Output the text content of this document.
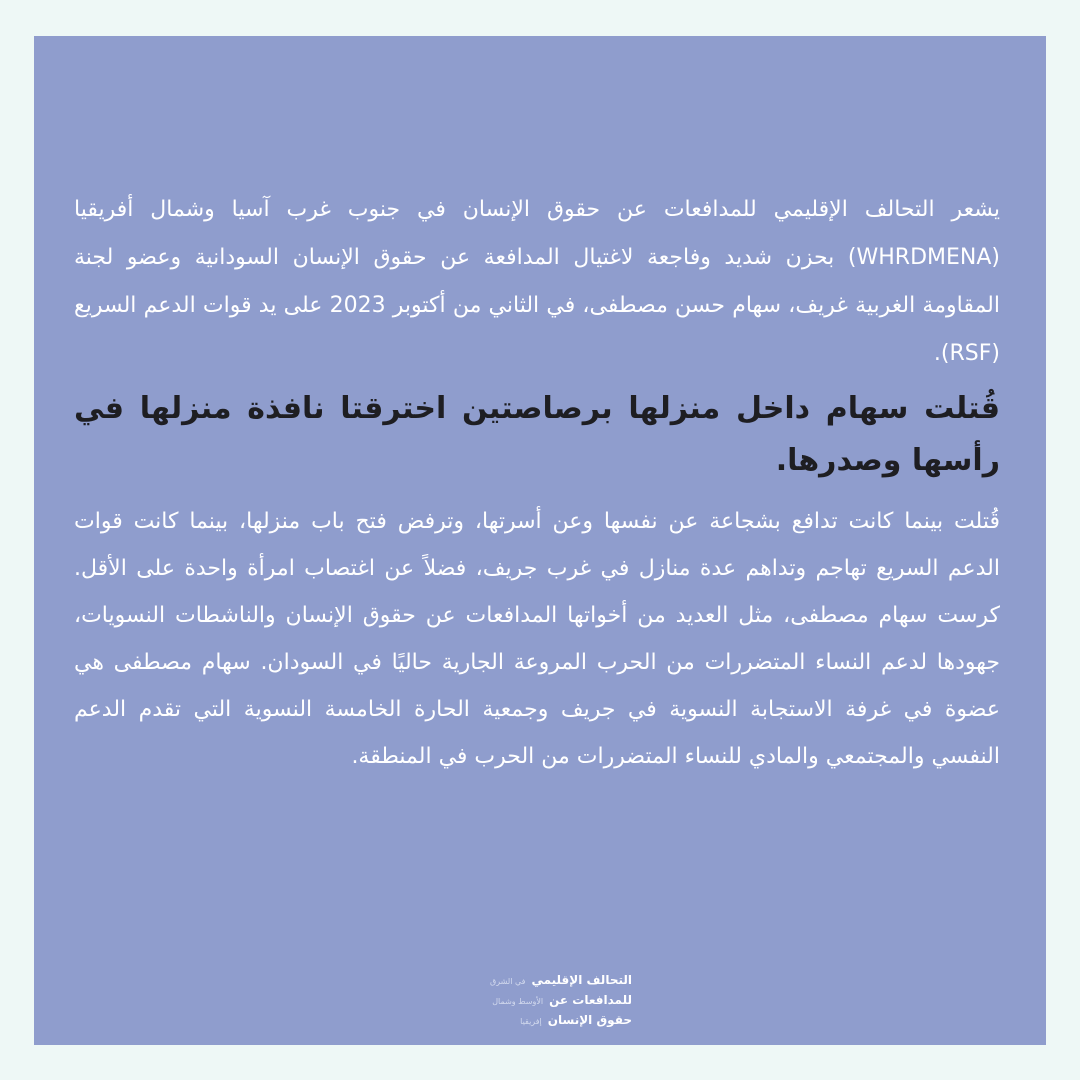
يشعر التحالف الإقليمي للمدافعات عن حقوق الإنسان في جنوب غرب آسيا وشمال أفريقيا (WHRDMENA) بحزن شديد وفاجعة لاغتيال المدافعة عن حقوق الإنسان السودانية وعضو لجنة المقاومة الغربية غريف، سهام حسن مصطفى، في الثاني من أكتوبر 2023 على يد قوات الدعم السريع (RSF).

قُتلت سهام داخل منزلها برصاصتين اخترقتا نافذة منزلها في رأسها وصدرها.

قُتلت بينما كانت تدافع بشجاعة عن نفسها وعن أسرتها، وترفض فتح باب منزلها، بينما كانت قوات الدعم السريع تهاجم وتداهم عدة منازل في غرب جريف، فضلاً عن اغتصاب امرأة واحدة على الأقل. كرست سهام مصطفى، مثل العديد من أخواتها المدافعات عن حقوق الإنسان والناشطات النسويات، جهودها لدعم النساء المتضررات من الحرب المروعة الجارية حاليًا في السودان. سهام مصطفى هي عضوة في غرفة الاستجابة النسوية في جريف وجمعية الحارة الخامسة النسوية التي تقدم الدعم النفسي والمجتمعي والمادي للنساء المتضررات من الحرب في المنطقة.

التحالف الإقليمي
في الشرق
للمدافعات عن
الأوسط وشمال
حقوق الإنسان
إفريقيا
